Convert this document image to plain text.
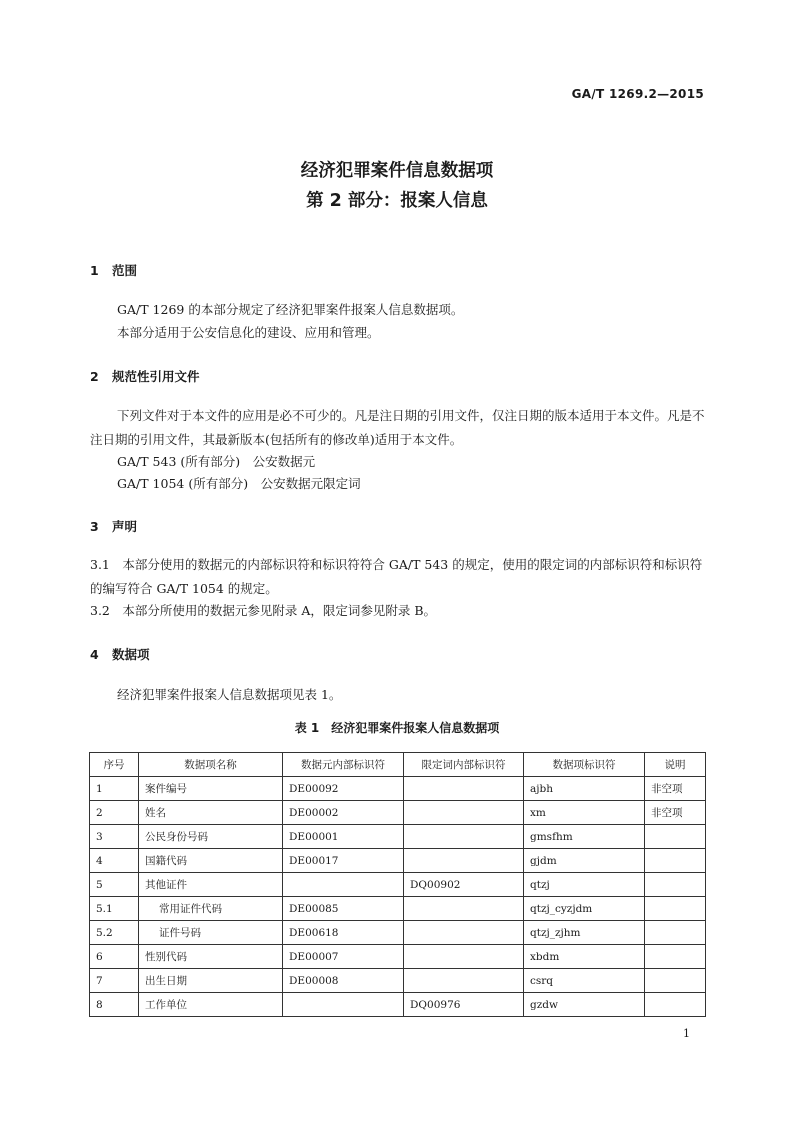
GA/T 1269.2—2015
经济犯罪案件信息数据项
第 2 部分：报案人信息
1 范围
GA/T 1269 的本部分规定了经济犯罪案件报案人信息数据项。
本部分适用于公安信息化的建设、应用和管理。
2 规范性引用文件
下列文件对于本文件的应用是必不可少的。凡是注日期的引用文件，仅注日期的版本适用于本文件。凡是不注日期的引用文件，其最新版本(包括所有的修改单)适用于本文件。
GA/T 543 (所有部分)　公安数据元
GA/T 1054 (所有部分)　公安数据元限定词
3 声明
3.1　本部分使用的数据元的内部标识符和标识符符合 GA/T 543 的规定，使用的限定词的内部标识符和标识符的编写符合 GA/T 1054 的规定。
3.2　本部分所使用的数据元参见附录 A，限定词参见附录 B。
4 数据项
经济犯罪案件报案人信息数据项见表 1。
表 1　经济犯罪案件报案人信息数据项
序号	数据项名称	数据元内部标识符	限定词内部标识符	数据项标识符	说明
1	案件编号	DE00092		ajbh	非空项
2	姓名	DE00002		xm	非空项
3	公民身份号码	DE00001		gmsfhm	
4	国籍代码	DE00017		gjdm	
5	其他证件		DQ00902	qtzj	
5.1	常用证件代码	DE00085		qtzj_cyzjdm	
5.2	证件号码	DE00618		qtzj_zjhm	
6	性别代码	DE00007		xbdm	
7	出生日期	DE00008		csrq	
8	工作单位		DQ00976	gzdw	
1
